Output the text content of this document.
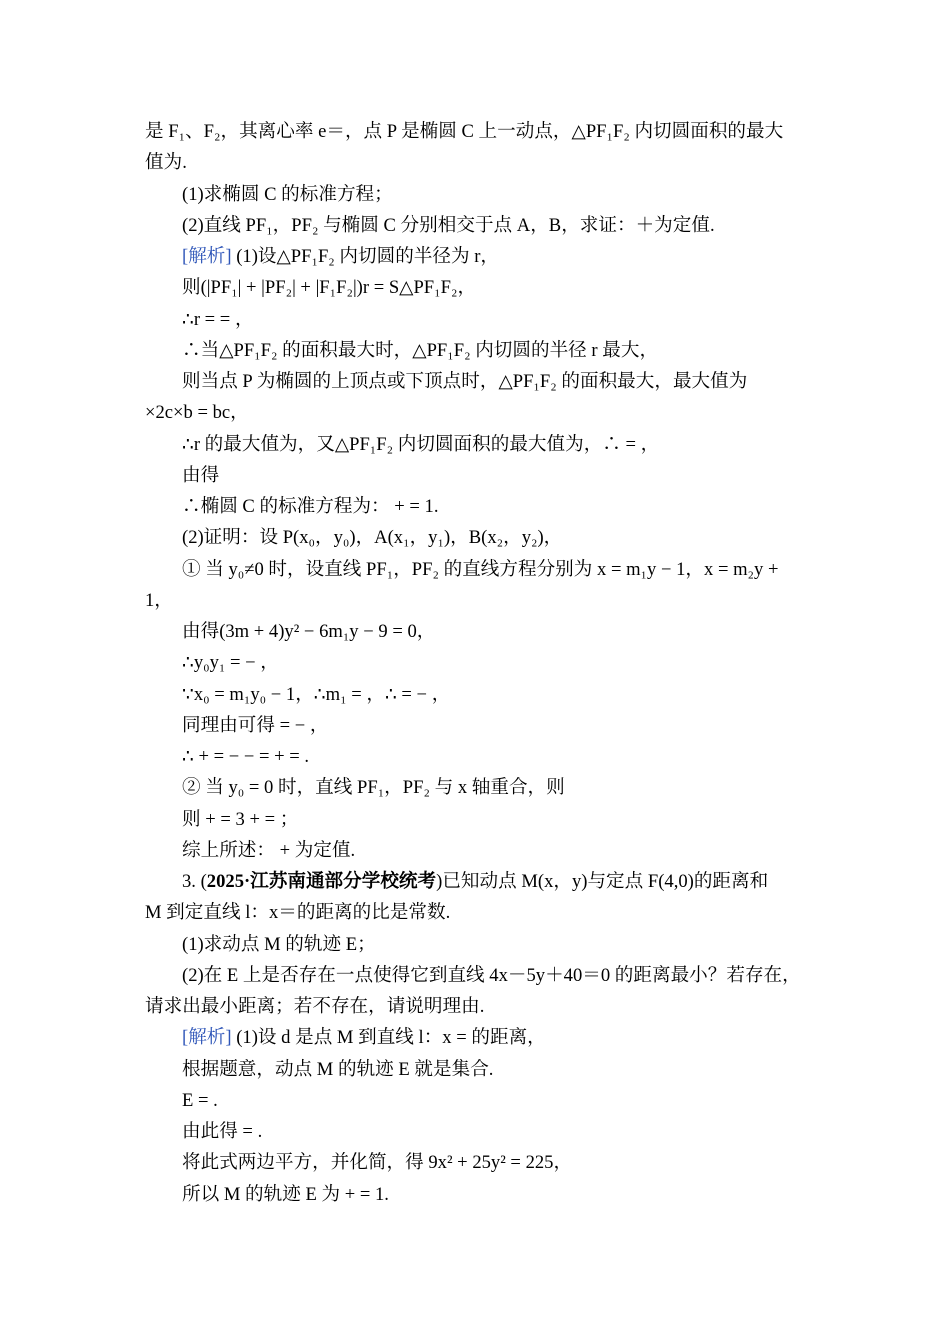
是 F₁、F₂，其离心率 e＝，点 P 是椭圆 C 上一动点，△PF₁F₂ 内切圆面积的最大
值为.
(1)求椭圆 C 的标准方程；
(2)直线 PF₁，PF₂ 与椭圆 C 分别相交于点 A，B，求证：＋为定值.
[解析] (1)设△PF₁F₂ 内切圆的半径为 r，
则(|PF₁| + |PF₂| + |F₁F₂|)r = S△PF₁F₂，
∴r = = ，
∴当△PF₁F₂ 的面积最大时，△PF₁F₂ 内切圆的半径 r 最大，
则当点 P 为椭圆的上顶点或下顶点时，△PF₁F₂ 的面积最大，最大值为
×2c×b = bc，
∴r 的最大值为，又△PF₁F₂ 内切圆面积的最大值为，∴ = ，
由得
∴椭圆 C 的标准方程为： + = 1.
(2)证明：设 P(x₀，y₀)，A(x₁，y₁)，B(x₂，y₂)，
① 当 y₀≠0 时，设直线 PF₁，PF₂ 的直线方程分别为 x = m₁y − 1，x = m₂y +
1，
由得(3m + 4)y² − 6m₁y − 9 = 0，
∴y₀y₁ = − ，
∵x₀ = m₁y₀ − 1，∴m₁ = ，∴ = − ，
同理由可得 = − ，
∴ + = − − = + = .
② 当 y₀ = 0 时，直线 PF₁，PF₂ 与 x 轴重合，则
则 + = 3 + = ；
综上所述： + 为定值.
3. (2025·江苏南通部分学校统考)已知动点 M(x，y)与定点 F(4,0)的距离和
M 到定直线 l：x＝的距离的比是常数.
(1)求动点 M 的轨迹 E；
(2)在 E 上是否存在一点使得它到直线 4x－5y＋40＝0 的距离最小？若存在，
请求出最小距离；若不存在，请说明理由.
[解析] (1)设 d 是点 M 到直线 l：x = 的距离，
根据题意，动点 M 的轨迹 E 就是集合.
E = .
由此得 = .
将此式两边平方，并化简，得 9x² + 25y² = 225，
所以 M 的轨迹 E 为 + = 1.
